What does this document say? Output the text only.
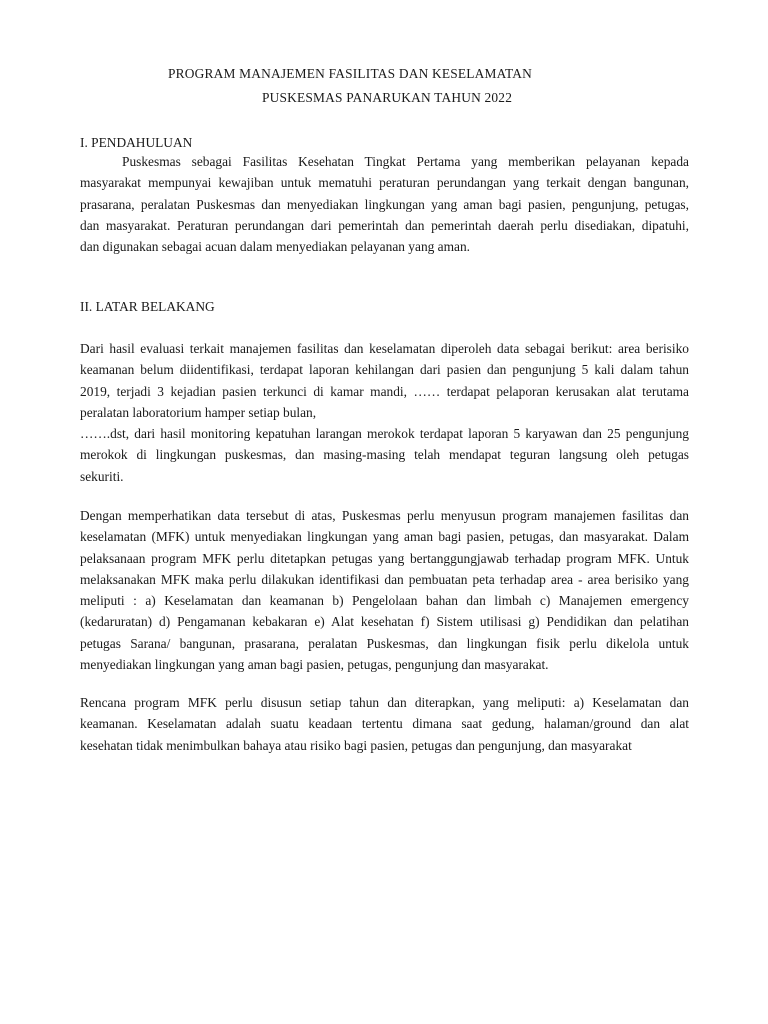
PROGRAM MANAJEMEN FASILITAS DAN KESELAMATAN
PUSKESMAS PANARUKAN TAHUN 2022
I. PENDAHULUAN
Puskesmas sebagai Fasilitas Kesehatan Tingkat Pertama yang memberikan pelayanan kepada
masyarakat mempunyai kewajiban untuk mematuhi peraturan perundangan yang terkait dengan bangunan,
prasarana, peralatan Puskesmas dan menyediakan lingkungan yang aman bagi pasien, pengunjung, petugas,
dan masyarakat. Peraturan perundangan dari pemerintah dan pemerintah daerah perlu disediakan, dipatuhi,
dan digunakan sebagai acuan dalam menyediakan pelayanan yang aman.
II. LATAR BELAKANG
Dari hasil evaluasi terkait manajemen fasilitas dan keselamatan diperoleh data sebagai berikut: area berisiko
keamanan belum diidentifikasi, terdapat laporan kehilangan dari pasien dan pengunjung 5 kali dalam tahun
2019, terjadi 3 kejadian pasien terkunci di kamar mandi, …… terdapat pelaporan kerusakan alat terutama
peralatan laboratorium hamper setiap bulan,
…….dst, dari hasil monitoring kepatuhan larangan merokok terdapat laporan 5 karyawan dan 25 pengunjung
merokok di lingkungan puskesmas, dan masing-masing telah mendapat teguran langsung oleh petugas
sekuriti.
Dengan memperhatikan data tersebut di atas, Puskesmas perlu menyusun program manajemen fasilitas dan
keselamatan (MFK) untuk menyediakan lingkungan yang aman bagi pasien, petugas, dan masyarakat. Dalam
pelaksanaan program MFK perlu ditetapkan petugas yang bertanggungjawab terhadap program MFK. Untuk
melaksanakan MFK maka perlu dilakukan identifikasi dan pembuatan peta terhadap area - area berisiko yang
meliputi : a) Keselamatan dan keamanan b) Pengelolaan bahan dan limbah c) Manajemen emergency
(kedaruratan) d) Pengamanan kebakaran e) Alat kesehatan f) Sistem utilisasi g) Pendidikan dan pelatihan
petugas Sarana/ bangunan, prasarana, peralatan Puskesmas, dan lingkungan fisik perlu dikelola untuk
menyediakan lingkungan yang aman bagi pasien, petugas, pengunjung dan masyarakat.
Rencana program MFK perlu disusun setiap tahun dan diterapkan, yang meliputi: a) Keselamatan dan
keamanan. Keselamatan adalah suatu keadaan tertentu dimana saat gedung, halaman/ground dan alat
kesehatan tidak menimbulkan bahaya atau risiko bagi pasien, petugas dan pengunjung, dan masyarakat
